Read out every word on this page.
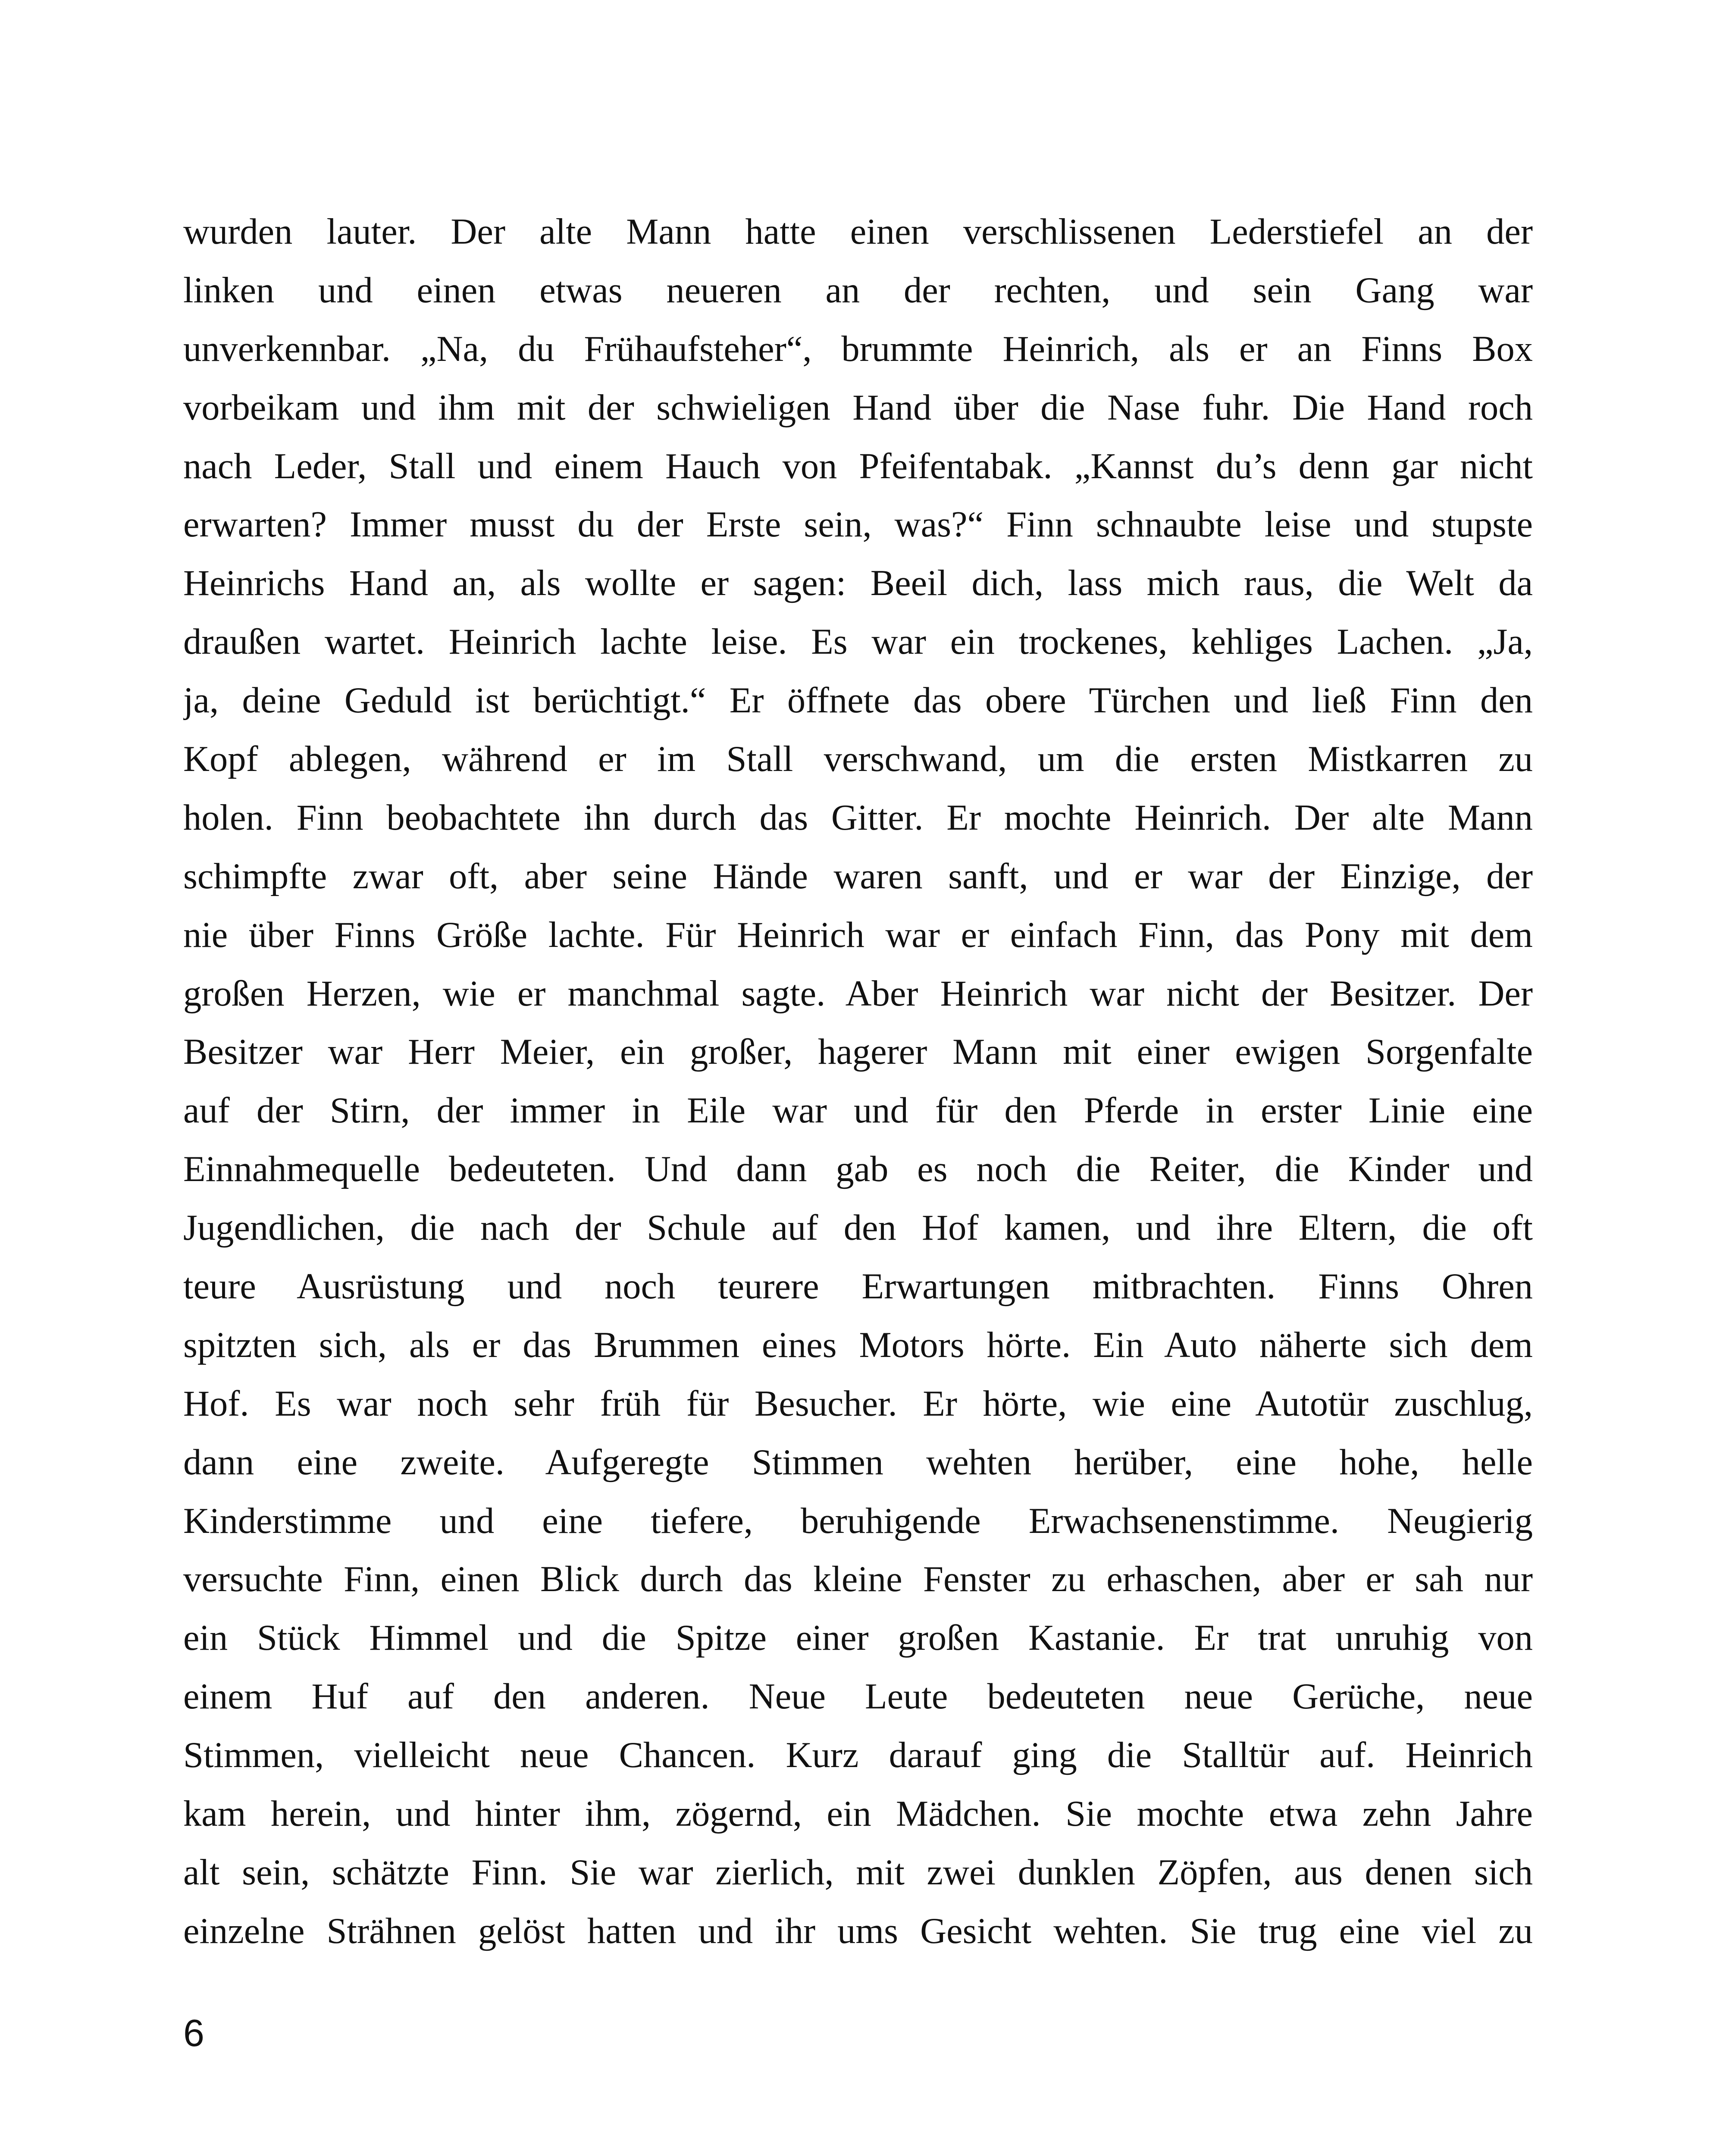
wurden lauter. Der alte Mann hatte einen verschlissenen Lederstiefel an der
linken und einen etwas neueren an der rechten, und sein Gang war
unverkennbar. „Na, du Frühaufsteher“, brummte Heinrich, als er an Finns Box
vorbeikam und ihm mit der schwieligen Hand über die Nase fuhr. Die Hand roch
nach Leder, Stall und einem Hauch von Pfeifentabak. „Kannst du’s denn gar nicht
erwarten? Immer musst du der Erste sein, was?“ Finn schnaubte leise und stupste
Heinrichs Hand an, als wollte er sagen: Beeil dich, lass mich raus, die Welt da
draußen wartet. Heinrich lachte leise. Es war ein trockenes, kehliges Lachen. „Ja,
ja, deine Geduld ist berüchtigt.“ Er öffnete das obere Türchen und ließ Finn den
Kopf ablegen, während er im Stall verschwand, um die ersten Mistkarren zu
holen. Finn beobachtete ihn durch das Gitter. Er mochte Heinrich. Der alte Mann
schimpfte zwar oft, aber seine Hände waren sanft, und er war der Einzige, der
nie über Finns Größe lachte. Für Heinrich war er einfach Finn, das Pony mit dem
großen Herzen, wie er manchmal sagte. Aber Heinrich war nicht der Besitzer. Der
Besitzer war Herr Meier, ein großer, hagerer Mann mit einer ewigen Sorgenfalte
auf der Stirn, der immer in Eile war und für den Pferde in erster Linie eine
Einnahmequelle bedeuteten. Und dann gab es noch die Reiter, die Kinder und
Jugendlichen, die nach der Schule auf den Hof kamen, und ihre Eltern, die oft
teure Ausrüstung und noch teurere Erwartungen mitbrachten. Finns Ohren
spitzten sich, als er das Brummen eines Motors hörte. Ein Auto näherte sich dem
Hof. Es war noch sehr früh für Besucher. Er hörte, wie eine Autotür zuschlug,
dann eine zweite. Aufgeregte Stimmen wehten herüber, eine hohe, helle
Kinderstimme und eine tiefere, beruhigende Erwachsenenstimme. Neugierig
versuchte Finn, einen Blick durch das kleine Fenster zu erhaschen, aber er sah nur
ein Stück Himmel und die Spitze einer großen Kastanie. Er trat unruhig von
einem Huf auf den anderen. Neue Leute bedeuteten neue Gerüche, neue
Stimmen, vielleicht neue Chancen. Kurz darauf ging die Stalltür auf. Heinrich
kam herein, und hinter ihm, zögernd, ein Mädchen. Sie mochte etwa zehn Jahre
alt sein, schätzte Finn. Sie war zierlich, mit zwei dunklen Zöpfen, aus denen sich
einzelne Strähnen gelöst hatten und ihr ums Gesicht wehten. Sie trug eine viel zu
6
